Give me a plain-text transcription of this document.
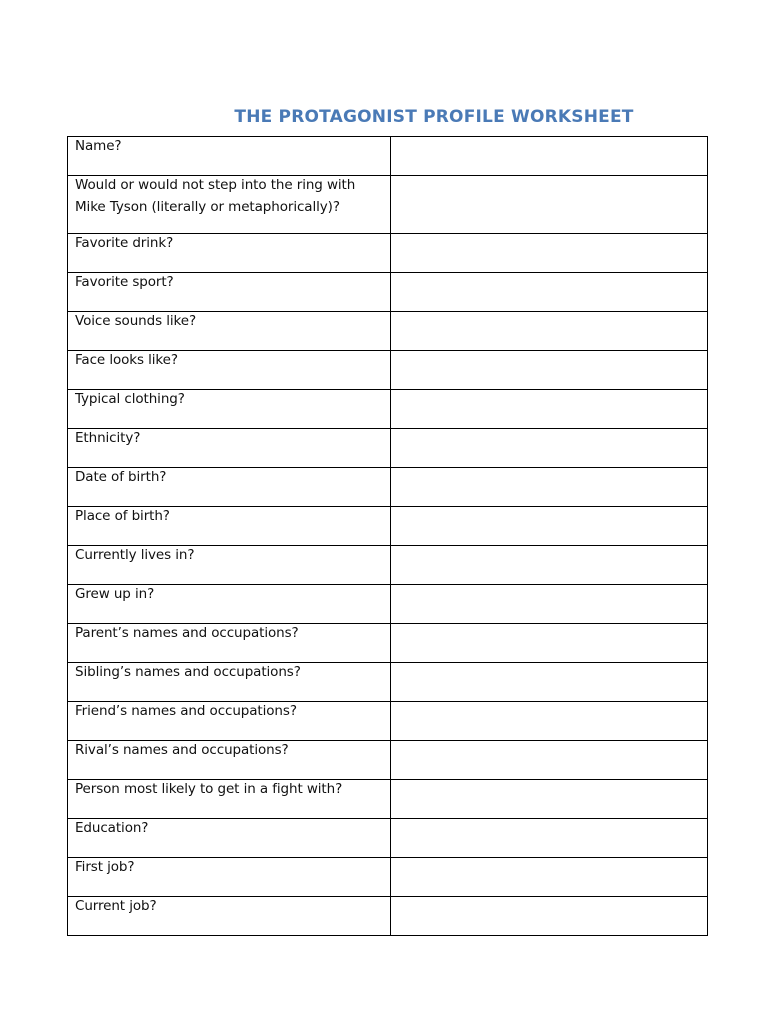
THE PROTAGONIST PROFILE WORKSHEET
Name?	

Would or would not step into the ring with Mike Tyson (literally or metaphorically)?	

Favorite drink?	

Favorite sport?	

Voice sounds like?	

Face looks like?	

Typical clothing?	

Ethnicity?	

Date of birth?	

Place of birth?	

Currently lives in?	

Grew up in?	

Parent’s names and occupations?	

Sibling’s names and occupations?	

Friend’s names and occupations?	

Rival’s names and occupations?	

Person most likely to get in a fight with?	

Education?	

First job?	

Current job?	
